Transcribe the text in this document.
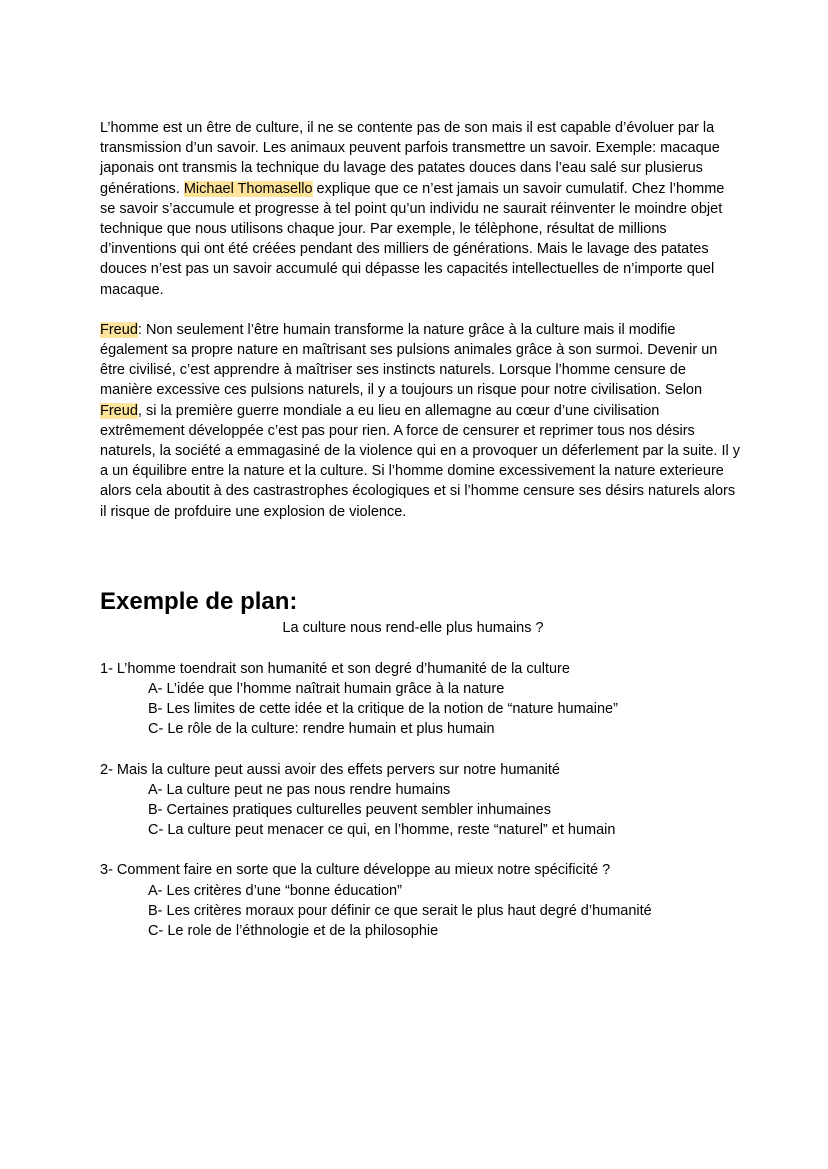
L’homme est un être de culture, il ne se contente pas de son mais il est capable d’évoluer par la transmission d’un savoir. Les animaux peuvent parfois transmettre un savoir. Exemple: macaque japonais ont transmis la technique du lavage des patates douces dans l’eau salé sur plusierus générations. Michael Thomasello explique que ce n’est jamais un savoir cumulatif. Chez l’homme se savoir s’accumule et progresse à tel point qu’un individu ne saurait réinventer le moindre objet technique que nous utilisons chaque jour. Par exemple, le télèphone, résultat de millions d’inventions qui ont été créées pendant des milliers de générations. Mais le lavage des patates douces n’est pas un savoir accumulé qui dépasse les capacités intellectuelles de n’importe quel macaque.

Freud: Non seulement l’être humain transforme la nature grâce à la culture mais il modifie également sa propre nature en maîtrisant ses pulsions animales grâce à son surmoi. Devenir un être civilisé, c’est apprendre à maîtriser ses instincts naturels. Lorsque l’homme censure de manière excessive ces pulsions naturels, il y a toujours un risque pour notre civilisation. Selon Freud, si la première guerre mondiale a eu lieu en allemagne au cœur d’une civilisation extrêmement développée c’est pas pour rien. A force de censurer et reprimer tous nos désirs naturels, la société a emmagasiné de la violence qui en a provoquer un déferlement par la suite. Il y a un équilibre entre la nature et la culture. Si l’homme domine excessivement la nature exterieure alors cela aboutit à des castrastrophes écologiques et si l’homme censure ses désirs naturels alors il risque de profduire une explosion de violence.

Exemple de plan:
La culture nous rend-elle plus humains ?
1- L’homme toendrait son humanité et son degré d’humanité de la culture
A- L’idée que l’homme naîtrait humain grâce à la nature
B- Les limites de cette idée et la critique de la notion de “nature humaine”
C- Le rôle de la culture: rendre humain et plus humain
2- Mais la culture peut aussi avoir des effets pervers sur notre humanité
A- La culture peut ne pas nous rendre humains
B- Certaines pratiques culturelles peuvent sembler inhumaines
C- La culture peut menacer ce qui, en l’homme, reste “naturel” et humain
3- Comment faire en sorte que la culture développe au mieux notre spécificité ?
A- Les critères d’une “bonne éducation”
B- Les critères moraux pour définir ce que serait le plus haut degré d’humanité
C- Le role de l’éthnologie et de la philosophie
